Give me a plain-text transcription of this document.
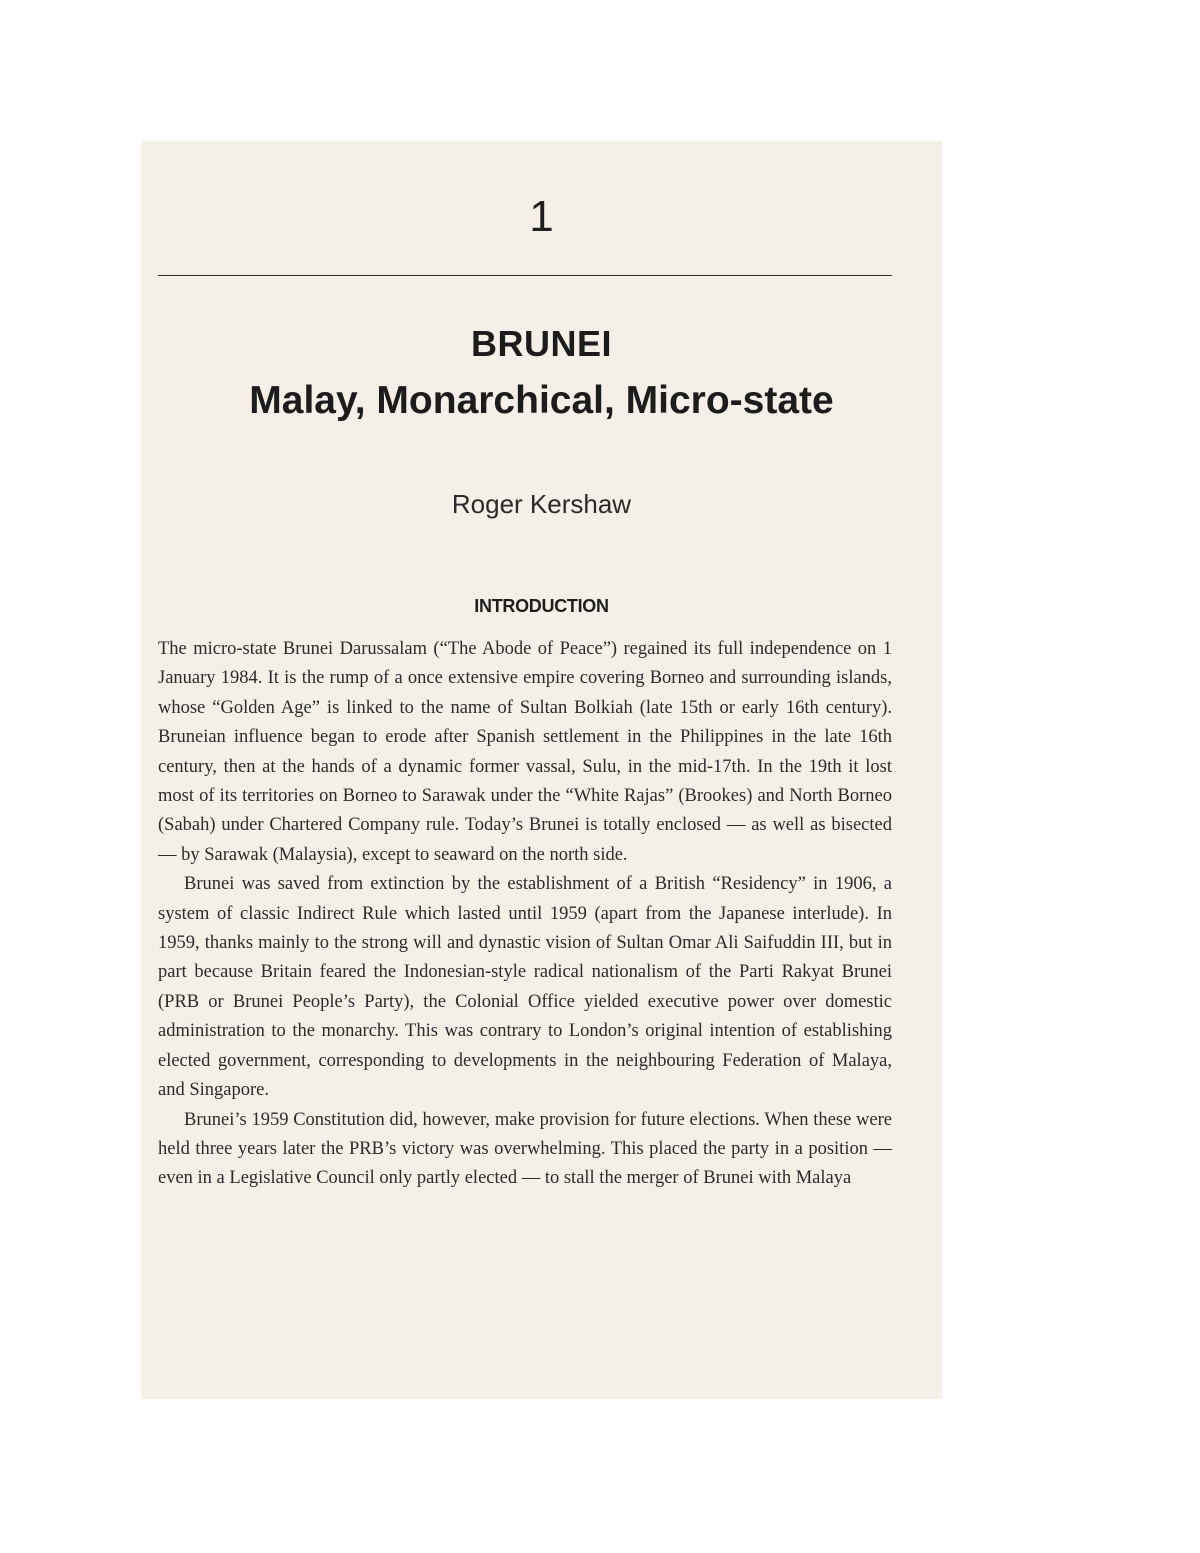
1
BRUNEI
Malay, Monarchical, Micro-state
Roger Kershaw
INTRODUCTION

The micro-state Brunei Darussalam (“The Abode of Peace”) regained its full independence on 1 January 1984. It is the rump of a once extensive empire covering Borneo and surrounding islands, whose “Golden Age” is linked to the name of Sultan Bolkiah (late 15th or early 16th century). Bruneian influence began to erode after Spanish settlement in the Philippines in the late 16th century, then at the hands of a dynamic former vassal, Sulu, in the mid-17th. In the 19th it lost most of its territories on Borneo to Sarawak under the “White Rajas” (Brookes) and North Borneo (Sabah) under Chartered Company rule. Today’s Brunei is totally enclosed — as well as bisected — by Sarawak (Malaysia), except to seaward on the north side.

Brunei was saved from extinction by the establishment of a British “Residency” in 1906, a system of classic Indirect Rule which lasted until 1959 (apart from the Japanese interlude). In 1959, thanks mainly to the strong will and dynastic vision of Sultan Omar Ali Saifuddin III, but in part because Britain feared the Indonesian-style radical nationalism of the Parti Rakyat Brunei (PRB or Brunei People’s Party), the Colonial Office yielded executive power over domestic administration to the monarchy. This was contrary to London’s original intention of establishing elected government, corresponding to developments in the neighbouring Federation of Malaya, and Singapore.

Brunei’s 1959 Constitution did, however, make provision for future elections. When these were held three years later the PRB’s victory was overwhelming. This placed the party in a position — even in a Legislative Council only partly elected — to stall the merger of Brunei with Malaya
